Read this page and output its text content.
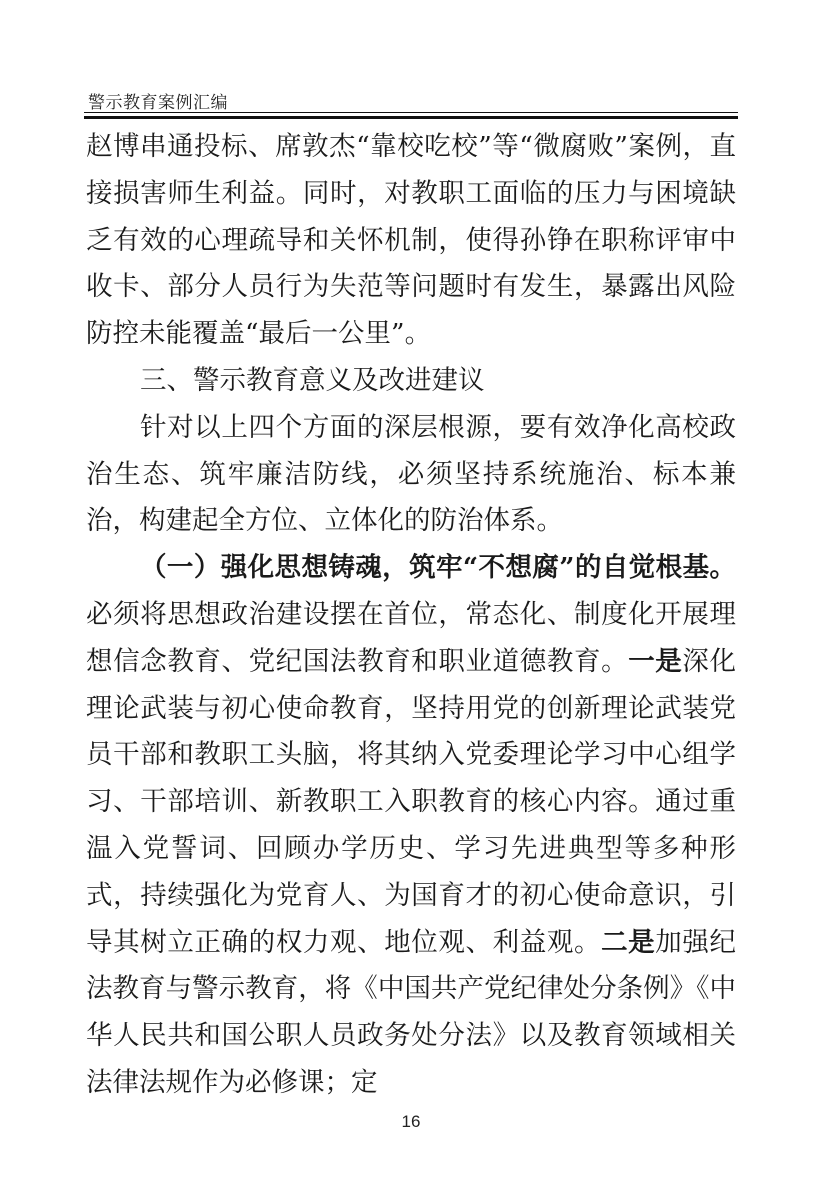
警示教育案例汇编

赵博串通投标、席敦杰“靠校吃校”等“微腐败”案例，直接损害师生利益。同时，对教职工面临的压力与困境缺乏有效的心理疏导和关怀机制，使得孙铮在职称评审中收卡、部分人员行为失范等问题时有发生，暴露出风险防控未能覆盖“最后一公里”。

三、警示教育意义及改进建议

针对以上四个方面的深层根源，要有效净化高校政治生态、筑牢廉洁防线，必须坚持系统施治、标本兼治，构建起全方位、立体化的防治体系。

（一）强化思想铸魂，筑牢“不想腐”的自觉根基。必须将思想政治建设摆在首位，常态化、制度化开展理想信念教育、党纪国法教育和职业道德教育。一是深化理论武装与初心使命教育，坚持用党的创新理论武装党员干部和教职工头脑，将其纳入党委理论学习中心组学习、干部培训、新教职工入职教育的核心内容。通过重温入党誓词、回顾办学历史、学习先进典型等多种形式，持续强化为党育人、为国育才的初心使命意识，引导其树立正确的权力观、地位观、利益观。二是加强纪法教育与警示教育，将《中国共产党纪律处分条例》《中华人民共和国公职人员政务处分法》以及教育领域相关法律法规作为必修课；定

16
